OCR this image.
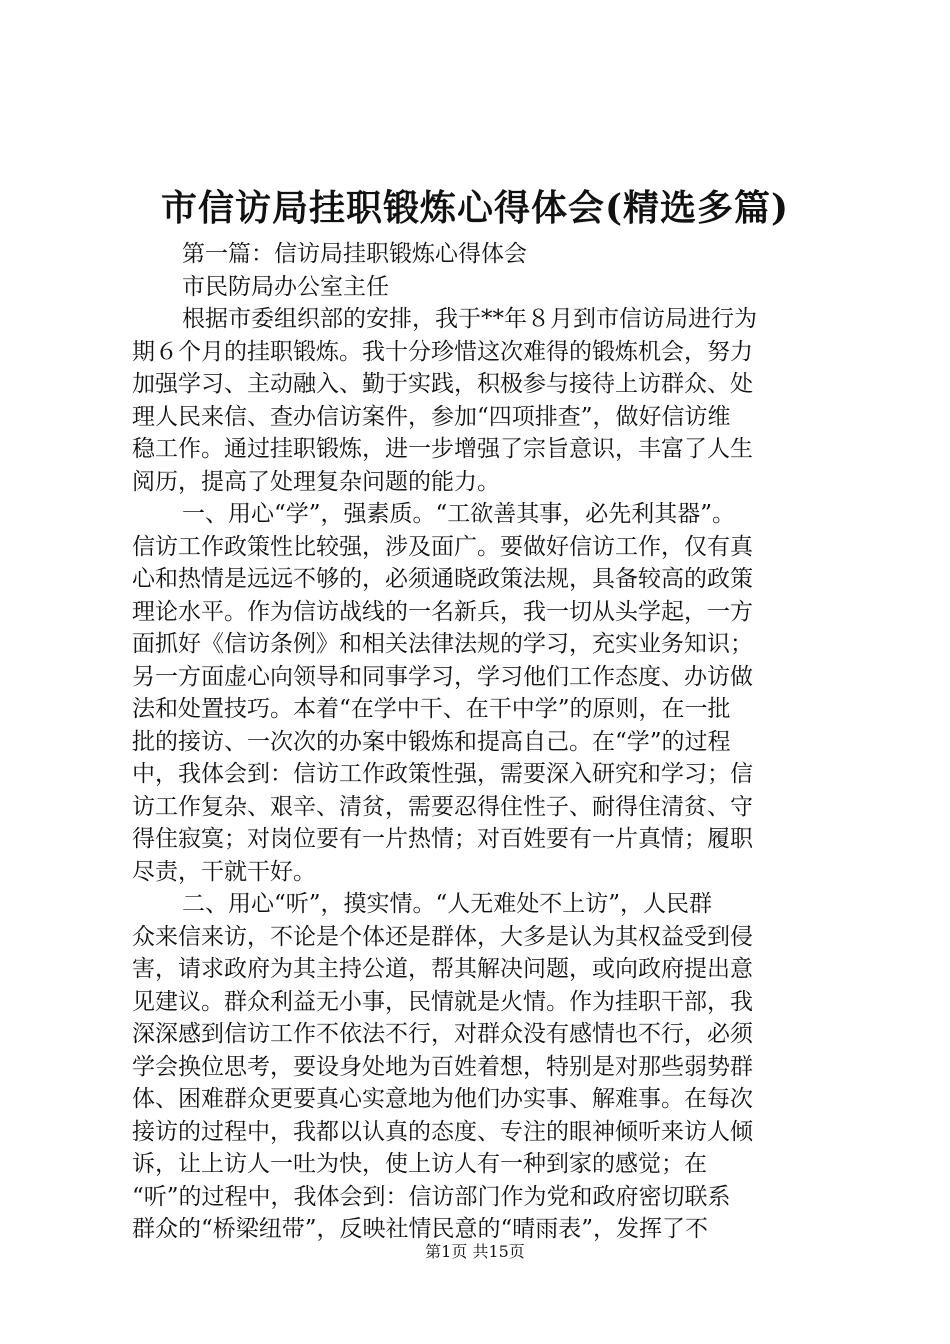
市信访局挂职锻炼心得体会(精选多篇)

第一篇：信访局挂职锻炼心得体会

市民防局办公室主任

根据市委组织部的安排，我于**年８月到市信访局进行为

期６个月的挂职锻炼。我十分珍惜这次难得的锻炼机会，努力

加强学习、主动融入、勤于实践，积极参与接待上访群众、处

理人民来信、查办信访案件，参加“四项排查”，做好信访维

稳工作。通过挂职锻炼，进一步增强了宗旨意识，丰富了人生

阅历，提高了处理复杂问题的能力。

一、用心“学”，强素质。“工欲善其事，必先利其器”。

信访工作政策性比较强，涉及面广。要做好信访工作，仅有真

心和热情是远远不够的，必须通晓政策法规，具备较高的政策

理论水平。作为信访战线的一名新兵，我一切从头学起，一方

面抓好《信访条例》和相关法律法规的学习，充实业务知识；

另一方面虚心向领导和同事学习，学习他们工作态度、办访做

法和处置技巧。本着“在学中干、在干中学”的原则，在一批

批的接访、一次次的办案中锻炼和提高自己。在“学”的过程

中，我体会到：信访工作政策性强，需要深入研究和学习；信

访工作复杂、艰辛、清贫，需要忍得住性子、耐得住清贫、守

得住寂寞；对岗位要有一片热情；对百姓要有一片真情；履职

尽责，干就干好。

二、用心“听”，摸实情。“人无难处不上访”，人民群

众来信来访，不论是个体还是群体，大多是认为其权益受到侵

害，请求政府为其主持公道，帮其解决问题，或向政府提出意

见建议。群众利益无小事，民情就是火情。作为挂职干部，我

深深感到信访工作不依法不行，对群众没有感情也不行，必须

学会换位思考，要设身处地为百姓着想，特别是对那些弱势群

体、困难群众更要真心实意地为他们办实事、解难事。在每次

接访的过程中，我都以认真的态度、专注的眼神倾听来访人倾

诉，让上访人一吐为快，使上访人有一种到家的感觉；在

“听”的过程中，我体会到：信访部门作为党和政府密切联系

群众的“桥梁纽带”，反映社情民意的“晴雨表”，发挥了不

第1页 共15页
